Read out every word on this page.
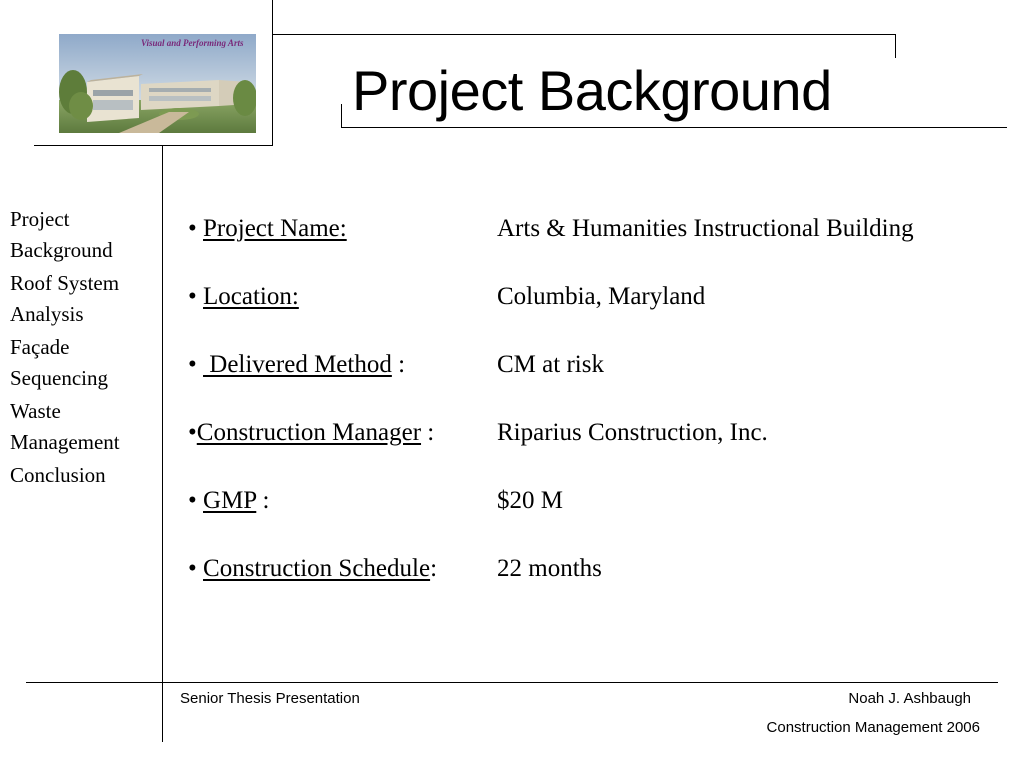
Visual and Performing Arts
Project Background
Project
Background
Roof System
Analysis
Façade
Sequencing
Waste
Management
Conclusion
• Project Name:	Arts & Humanities Instructional Building
• Location:	Columbia, Maryland
•  Delivered Method :	CM at risk
•Construction Manager :	Riparius Construction, Inc.
• GMP :	$20 M
• Construction Schedule: 22 months
Senior Thesis Presentation	Noah J. Ashbaugh
Construction Management 2006
